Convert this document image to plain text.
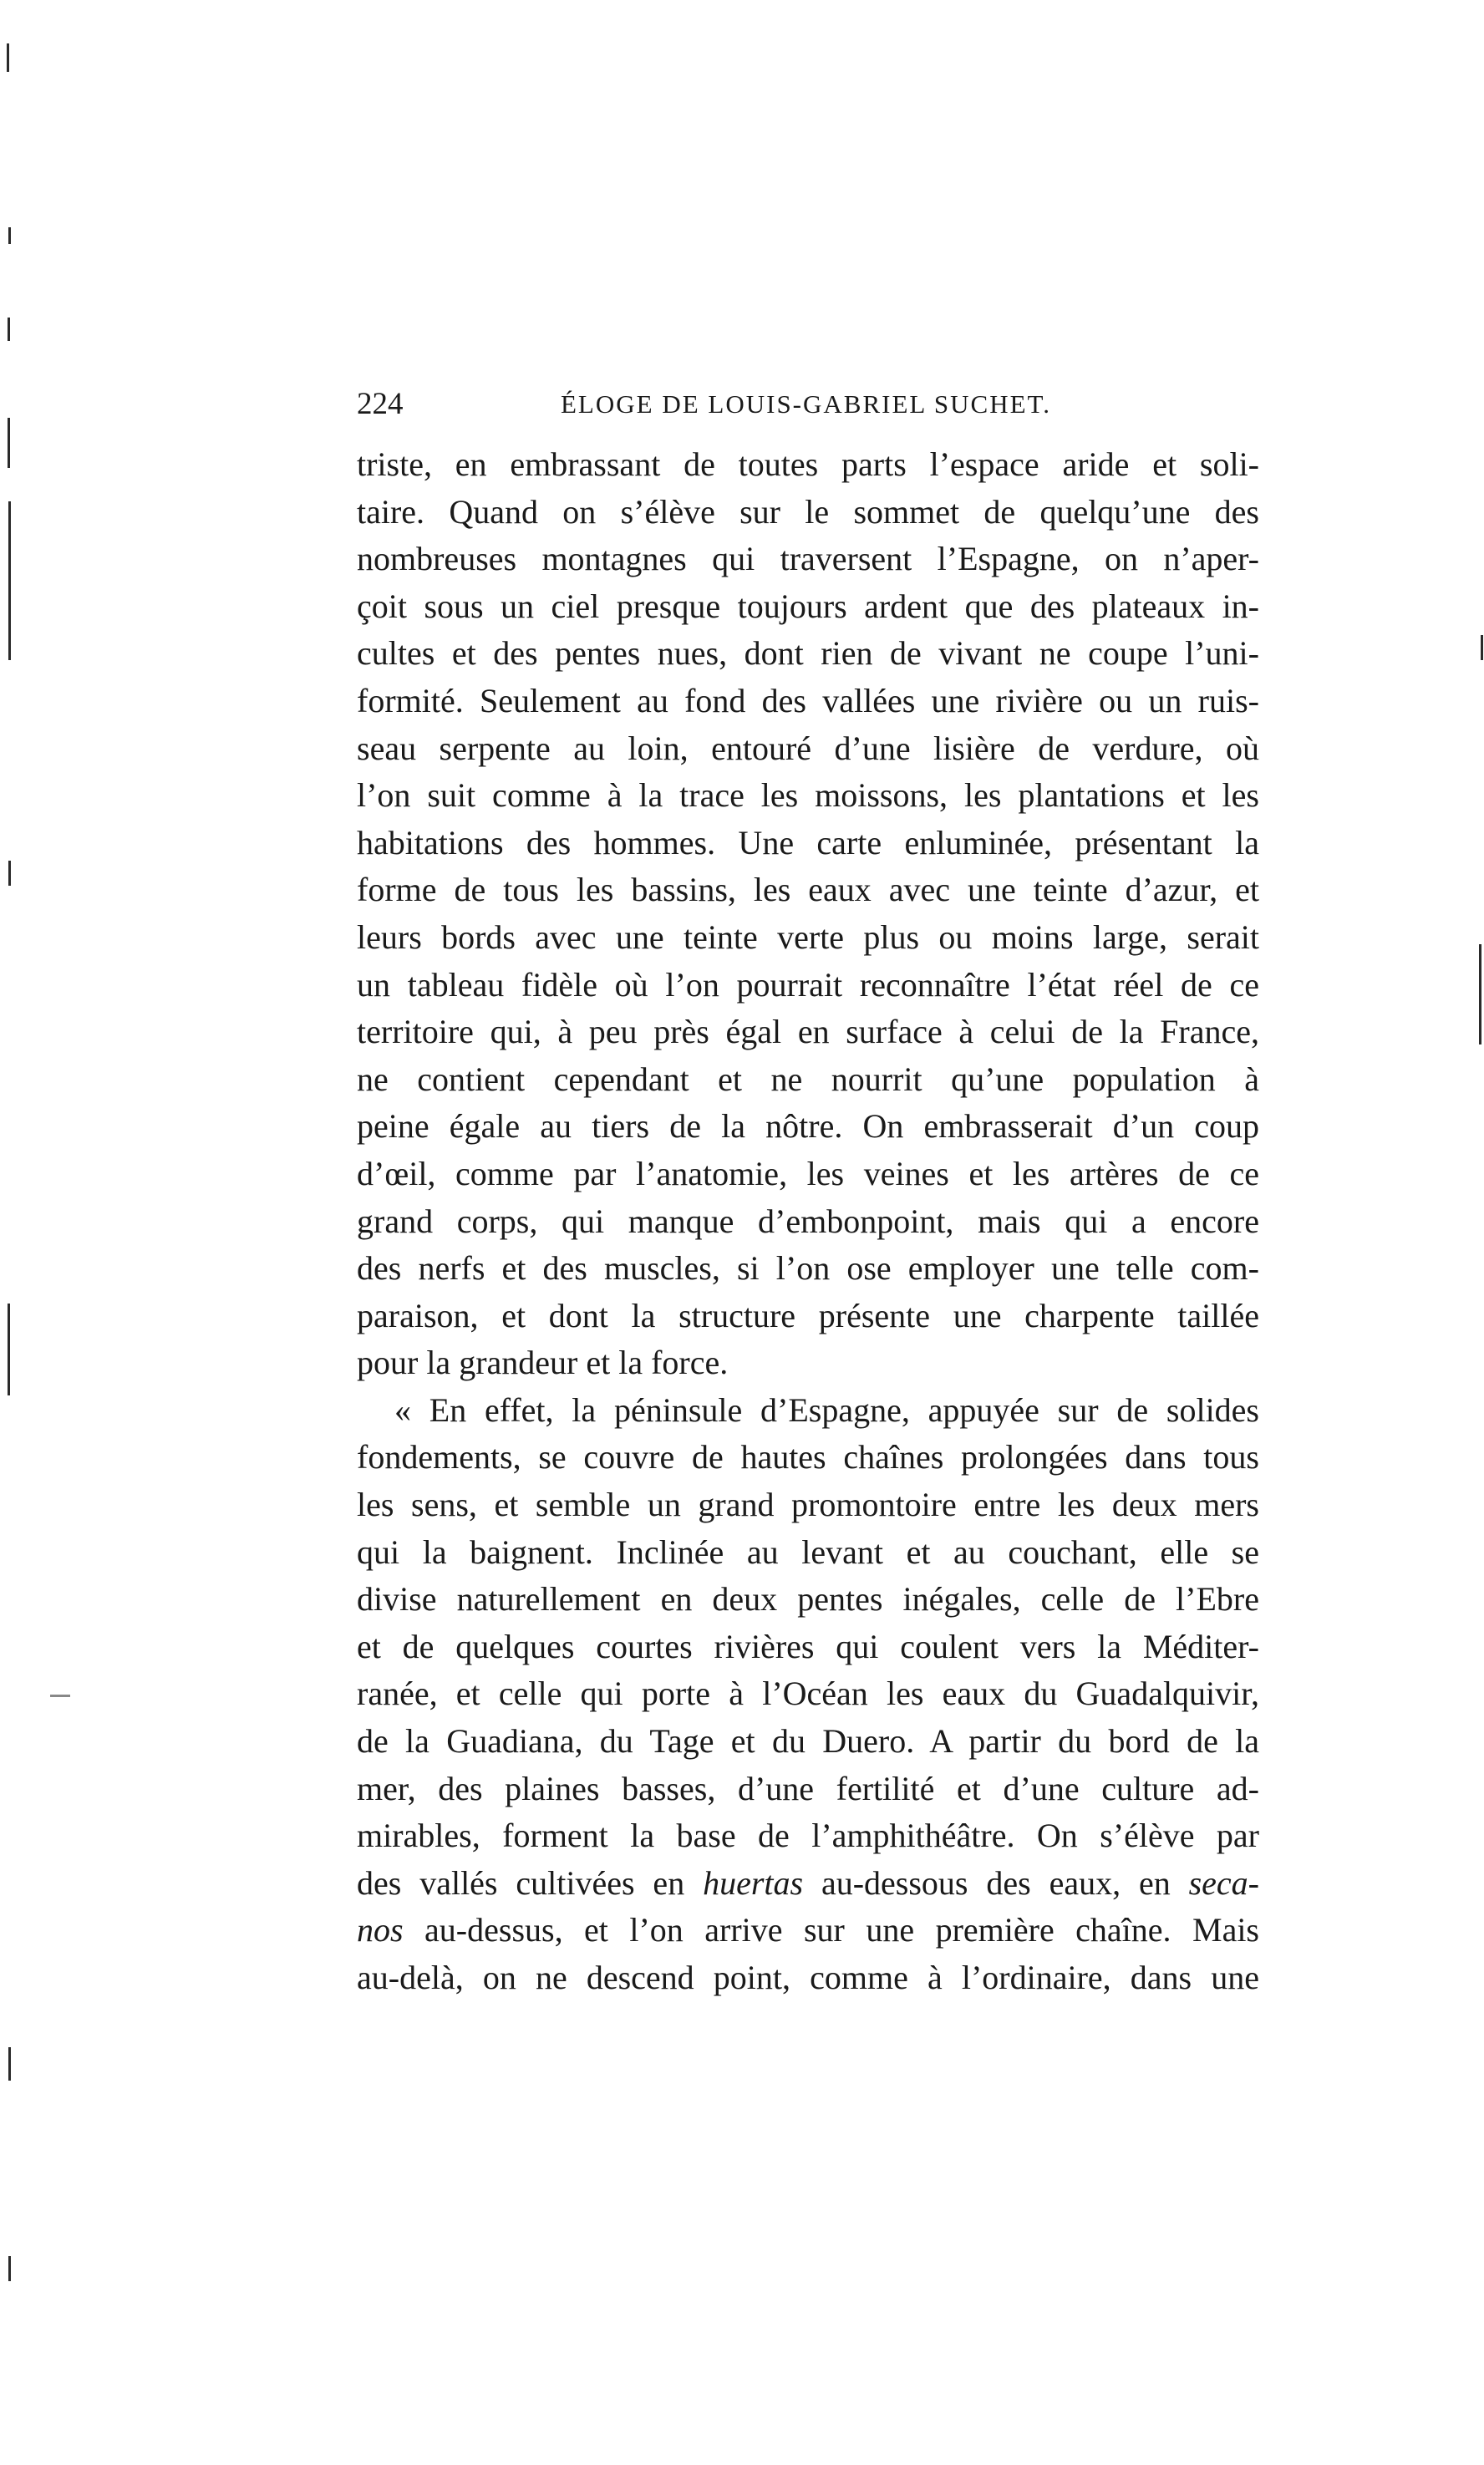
224	ÉLOGE DE LOUIS-GABRIEL SUCHET.
triste, en embrassant de toutes parts l’espace aride et soli-
taire. Quand on s’élève sur le sommet de quelqu’une des
nombreuses montagnes qui traversent l’Espagne, on n’aper-
çoit sous un ciel presque toujours ardent que des plateaux in-
cultes et des pentes nues, dont rien de vivant ne coupe l’uni-
formité. Seulement au fond des vallées une rivière ou un ruis-
seau serpente au loin, entouré d’une lisière de verdure, où
l’on suit comme à la trace les moissons, les plantations et les
habitations des hommes. Une carte enluminée, présentant la
forme de tous les bassins, les eaux avec une teinte d’azur, et
leurs bords avec une teinte verte plus ou moins large, serait
un tableau fidèle où l’on pourrait reconnaître l’état réel de ce
territoire qui, à peu près égal en surface à celui de la France,
ne contient cependant et ne nourrit qu’une population à
peine égale au tiers de la nôtre. On embrasserait d’un coup
d’œil, comme par l’anatomie, les veines et les artères de ce
grand corps, qui manque d’embonpoint, mais qui a encore
des nerfs et des muscles, si l’on ose employer une telle com-
paraison, et dont la structure présente une charpente taillée
pour la grandeur et la force.
« En effet, la péninsule d’Espagne, appuyée sur de solides
fondements, se couvre de hautes chaînes prolongées dans tous
les sens, et semble un grand promontoire entre les deux mers
qui la baignent. Inclinée au levant et au couchant, elle se
divise naturellement en deux pentes inégales, celle de l’Ebre
et de quelques courtes rivières qui coulent vers la Méditer-
ranée, et celle qui porte à l’Océan les eaux du Guadalquivir,
de la Guadiana, du Tage et du Duero. A partir du bord de la
mer, des plaines basses, d’une fertilité et d’une culture ad-
mirables, forment la base de l’amphithéâtre. On s’élève par
des vallés cultivées en huertas au-dessous des eaux, en seca-
nos au-dessus, et l’on arrive sur une première chaîne. Mais
au-delà, on ne descend point, comme à l’ordinaire, dans une
